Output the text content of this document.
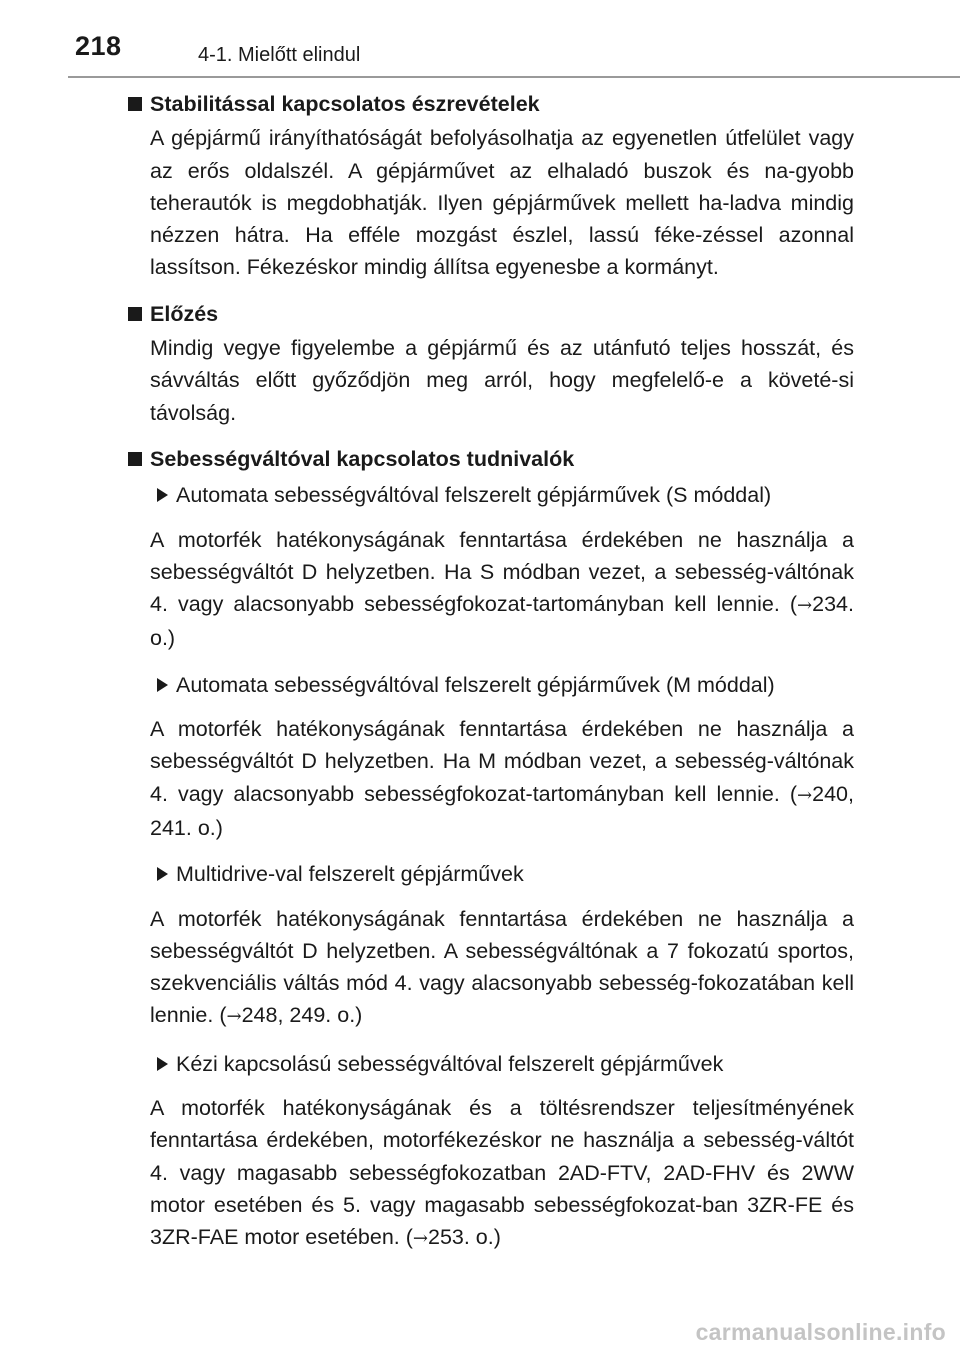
218	4-1. Mielőtt elindul
Stabilitással kapcsolatos észrevételek
A gépjármű irányíthatóságát befolyásolhatja az egyenetlen útfelület vagy az erős oldalszél. A gépjárművet az elhaladó buszok és na-gyobb teherautók is megdobhatják. Ilyen gépjárművek mellett ha-ladva mindig nézzen hátra. Ha efféle mozgást észlel, lassú féke-zéssel azonnal lassítson. Fékezéskor mindig állítsa egyenesbe a kormányt.
Előzés
Mindig vegye figyelembe a gépjármű és az utánfutó teljes hosszát, és sávváltás előtt győződjön meg arról, hogy megfelelő-e a követé-si távolság.
Sebességváltóval kapcsolatos tudnivalók
Automata sebességváltóval felszerelt gépjárművek (S móddal)
A motorfék hatékonyságának fenntartása érdekében ne használja a sebességváltót D helyzetben. Ha S módban vezet, a sebesség-váltónak 4. vagy alacsonyabb sebességfokozat-tartományban kell lennie. (→234. o.)
Automata sebességváltóval felszerelt gépjárművek (M móddal)
A motorfék hatékonyságának fenntartása érdekében ne használja a sebességváltót D helyzetben. Ha M módban vezet, a sebesség-váltónak 4. vagy alacsonyabb sebességfokozat-tartományban kell lennie. (→240, 241. o.)
Multidrive-val felszerelt gépjárművek
A motorfék hatékonyságának fenntartása érdekében ne használja a sebességváltót D helyzetben. A sebességváltónak a 7 fokozatú sportos, szekvenciális váltás mód 4. vagy alacsonyabb sebesség-fokozatában kell lennie. (→248, 249. o.)
Kézi kapcsolású sebességváltóval felszerelt gépjárművek
A motorfék hatékonyságának és a töltésrendszer teljesítményének fenntartása érdekében, motorfékezéskor ne használja a sebesség-váltót 4. vagy magasabb sebességfokozatban 2AD-FTV, 2AD-FHV és 2WW motor esetében és 5. vagy magasabb sebességfokozat-ban 3ZR-FE és 3ZR-FAE motor esetében. (→253. o.)
carmanualsonline.info
